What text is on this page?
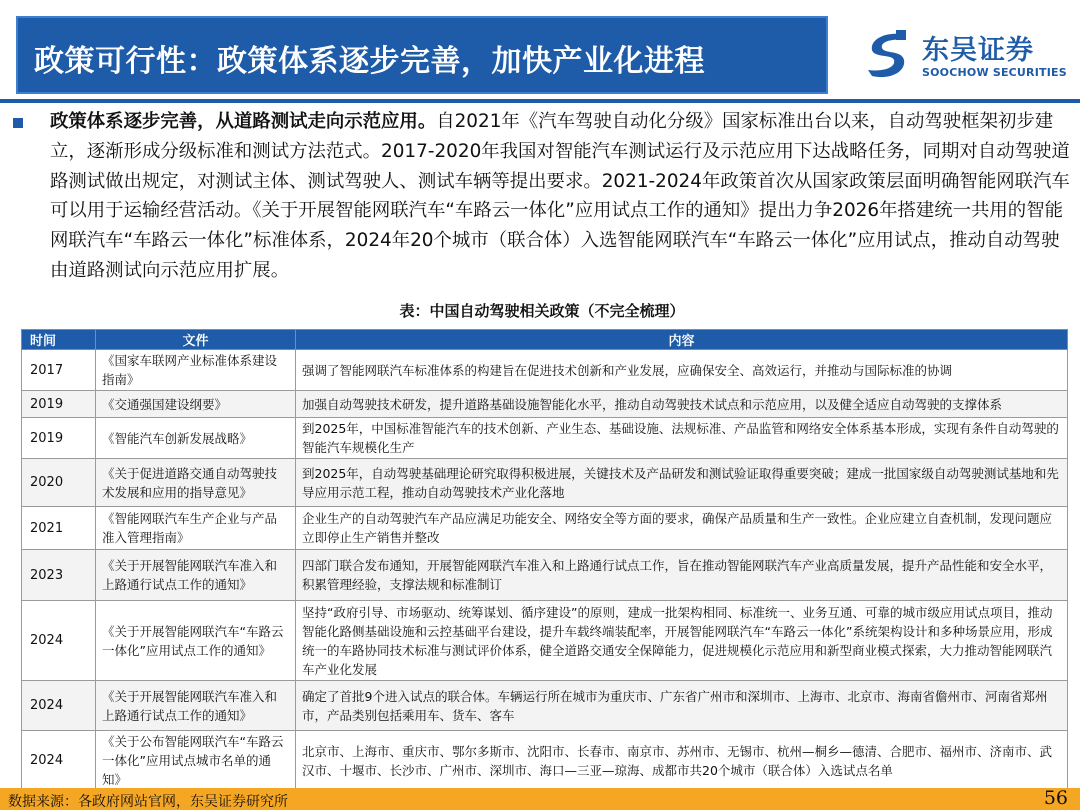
政策可行性：政策体系逐步完善，加快产业化进程	东吴证券
SOOCHOW SECURITIES
政策体系逐步完善，从道路测试走向示范应用。自2021年《汽车驾驶自动化分级》国家标准出台以来，自动驾驶框架初步建立，逐渐形成分级标准和测试方法范式。2017-2020年我国对智能汽车测试运行及示范应用下达战略任务，同期对自动驾驶道路测试做出规定，对测试主体、测试驾驶人、测试车辆等提出要求。2021-2024年政策首次从国家政策层面明确智能网联汽车可以用于运输经营活动。《关于开展智能网联汽车“车路云一体化”应用试点工作的通知》提出力争2026年搭建统一共用的智能网联汽车“车路云一体化”标准体系，2024年20个城市（联合体）入选智能网联汽车“车路云一体化”应用试点，推动自动驾驶由道路测试向示范应用扩展。
表：中国自动驾驶相关政策（不完全梳理）
时间	文件	内容
2017	《国家车联网产业标准体系建设指南》	强调了智能网联汽车标准体系的构建旨在促进技术创新和产业发展，应确保安全、高效运行，并推动与国际标准的协调
2019	《交通强国建设纲要》	加强自动驾驶技术研发，提升道路基础设施智能化水平，推动自动驾驶技术试点和示范应用，以及健全适应自动驾驶的支撑体系
2019	《智能汽车创新发展战略》	到2025年，中国标准智能汽车的技术创新、产业生态、基础设施、法规标准、产品监管和网络安全体系基本形成，实现有条件自动驾驶的智能汽车规模化生产
2020	《关于促进道路交通自动驾驶技术发展和应用的指导意见》	到2025年，自动驾驶基础理论研究取得积极进展，关键技术及产品研发和测试验证取得重要突破；建成一批国家级自动驾驶测试基地和先导应用示范工程，推动自动驾驶技术产业化落地
2021	《智能网联汽车生产企业与产品准入管理指南》	企业生产的自动驾驶汽车产品应满足功能安全、网络安全等方面的要求，确保产品质量和生产一致性。企业应建立自查机制，发现问题应立即停止生产销售并整改
2023	《关于开展智能网联汽车准入和上路通行试点工作的通知》	四部门联合发布通知，开展智能网联汽车准入和上路通行试点工作，旨在推动智能网联汽车产业高质量发展，提升产品性能和安全水平，积累管理经验，支撑法规和标准制订
2024	《关于开展智能网联汽车“车路云一体化”应用试点工作的通知》	坚持“政府引导、市场驱动、统筹谋划、循序建设”的原则，建成一批架构相同、标准统一、业务互通、可靠的城市级应用试点项目，推动智能化路侧基础设施和云控基础平台建设，提升车载终端装配率，开展智能网联汽车“车路云一体化”系统架构设计和多种场景应用，形成统一的车路协同技术标准与测试评价体系，健全道路交通安全保障能力，促进规模化示范应用和新型商业模式探索，大力推动智能网联汽车产业化发展
2024	《关于开展智能网联汽车准入和上路通行试点工作的通知》	确定了首批9个进入试点的联合体。车辆运行所在城市为重庆市、广东省广州市和深圳市、上海市、北京市、海南省儋州市、河南省郑州市，产品类别包括乘用车、货车、客车
2024	《关于公布智能网联汽车“车路云一体化”应用试点城市名单的通知》	北京市、上海市、重庆市、鄂尔多斯市、沈阳市、长春市、南京市、苏州市、无锡市、杭州—桐乡—德清、合肥市、福州市、济南市、武汉市、十堰市、长沙市、广州市、深圳市、海口—三亚—琼海、成都市共20个城市（联合体）入选试点名单
数据来源：各政府网站官网，东吴证券研究所	56
